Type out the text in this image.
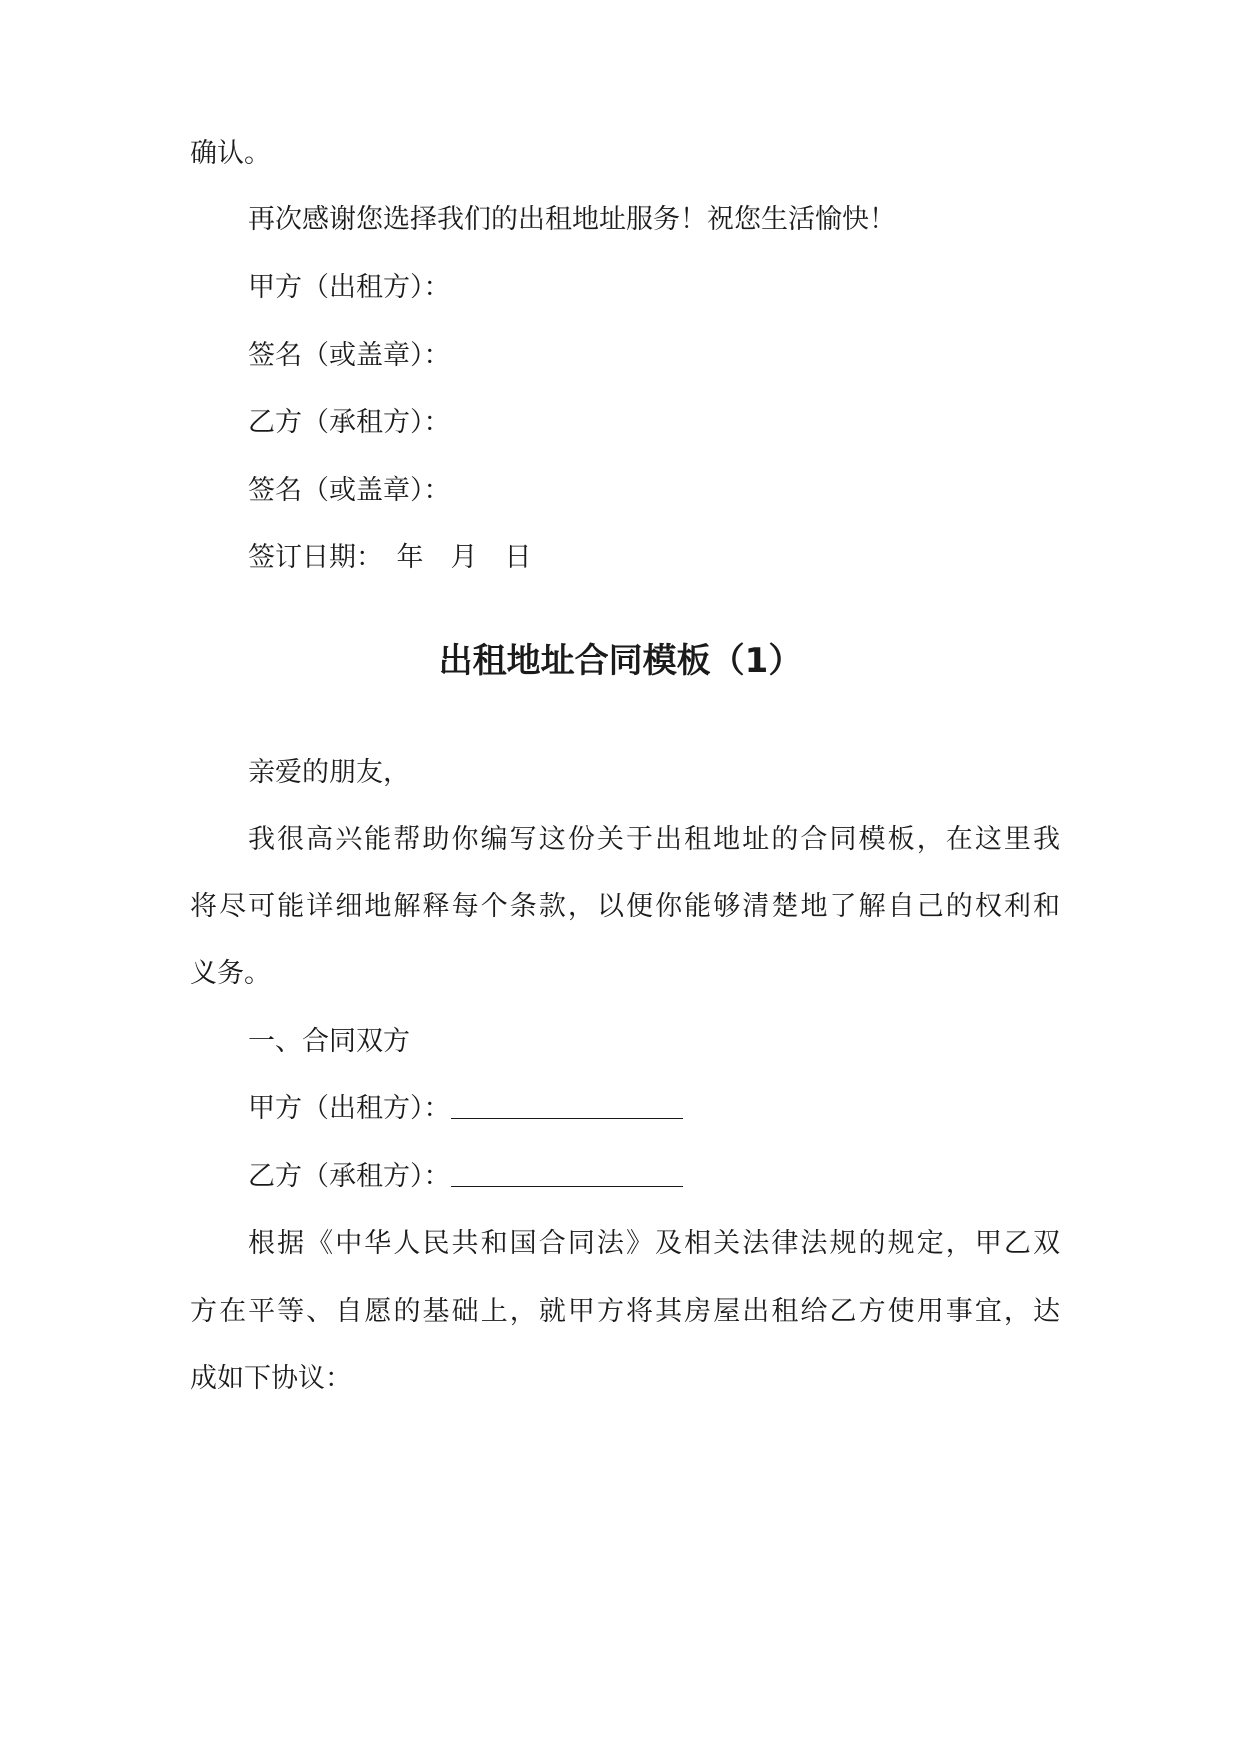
确认。
再次感谢您选择我们的出租地址服务！祝您生活愉快！
甲方（出租方）：
签名（或盖章）：
乙方（承租方）：
签名（或盖章）：
签订日期：　年　月　日
出租地址合同模板（1）
亲爱的朋友，
我很高兴能帮助你编写这份关于出租地址的合同模板，在这里我
将尽可能详细地解释每个条款，以便你能够清楚地了解自己的权利和
义务。
一、合同双方
甲方（出租方）：
乙方（承租方）：
根据《中华人民共和国合同法》及相关法律法规的规定，甲乙双
方在平等、自愿的基础上，就甲方将其房屋出租给乙方使用事宜，达
成如下协议：
